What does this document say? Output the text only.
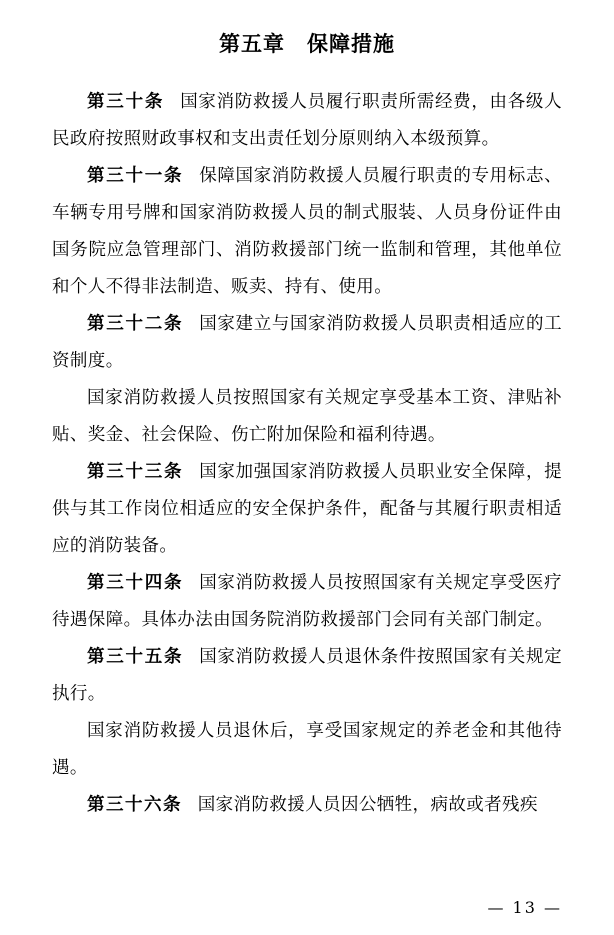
第五章　保障措施

第三十条 国家消防救援人员履行职责所需经费，由各级人民政府按照财政事权和支出责任划分原则纳入本级预算。

第三十一条 保障国家消防救援人员履行职责的专用标志、车辆专用号牌和国家消防救援人员的制式服装、人员身份证件由国务院应急管理部门、消防救援部门统一监制和管理，其他单位和个人不得非法制造、贩卖、持有、使用。

第三十二条 国家建立与国家消防救援人员职责相适应的工资制度。

国家消防救援人员按照国家有关规定享受基本工资、津贴补贴、奖金、社会保险、伤亡附加保险和福利待遇。

第三十三条 国家加强国家消防救援人员职业安全保障，提供与其工作岗位相适应的安全保护条件，配备与其履行职责相适应的消防装备。

第三十四条 国家消防救援人员按照国家有关规定享受医疗待遇保障。具体办法由国务院消防救援部门会同有关部门制定。

第三十五条 国家消防救援人员退休条件按照国家有关规定执行。

国家消防救援人员退休后，享受国家规定的养老金和其他待遇。

第三十六条 国家消防救援人员因公牺牲，病故或者残疾

— 13 —
